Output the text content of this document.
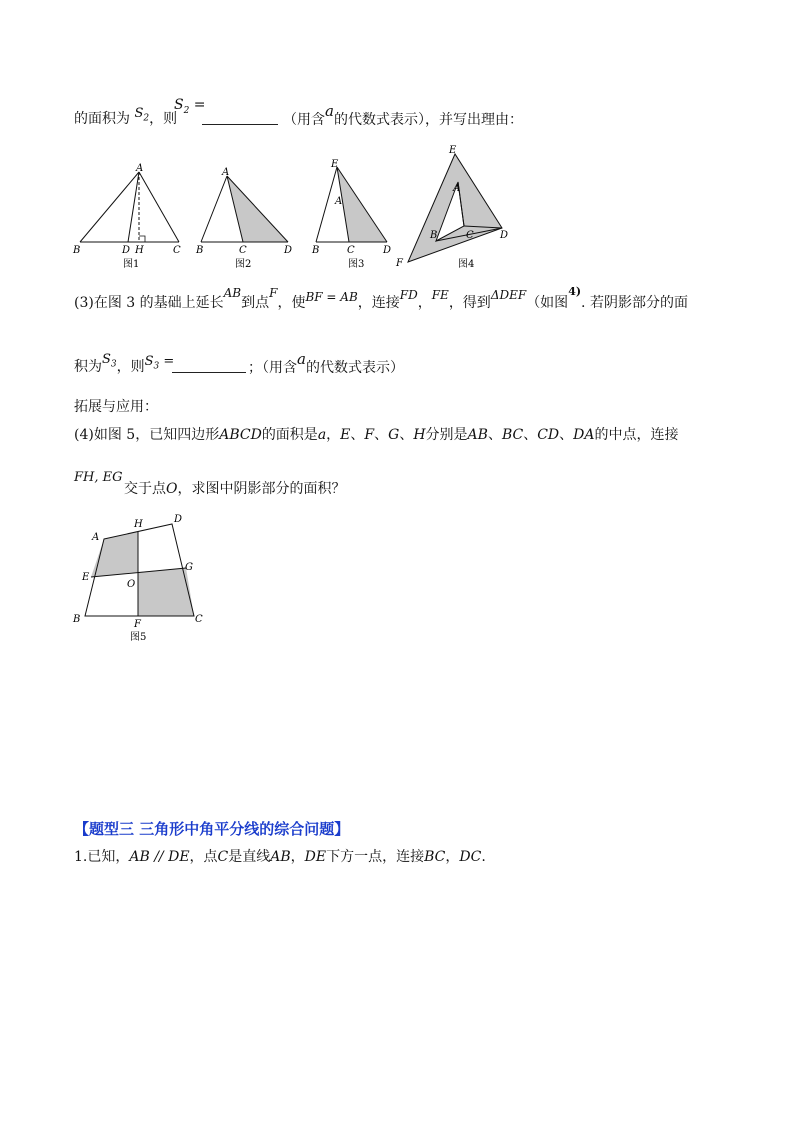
的面积为 $S_2$，则
$S_2$ =
（用含a的代数式表示），并写出理由：
A
B	D H	C
图1
A
B	C	D
图2
E
A
B	C	D
图3
E
A
B	C	D
F	图4
(3)在图 3 的基础上延长AB到点F，使BF = AB，连接FD，FE，得到ΔDEF（如图$^{4)}$. 若阴影部分的面
积为$S_3$，则$S_3$ =	；（用含a的代数式表示）
拓展与应用：
(4)如图 5，已知四边形ABCD的面积是a，E、F、G、H分别是AB、BC、CD、DA的中点，连接
FH, EG
交于点O，求图中阴影部分的面积？
A
H	D
E
G
O
B	F	C
图5
【题型三 三角形中角平分线的综合问题】
1.已知，AB // DE，点C是直线AB，DE下方一点，连接BC，DC.
